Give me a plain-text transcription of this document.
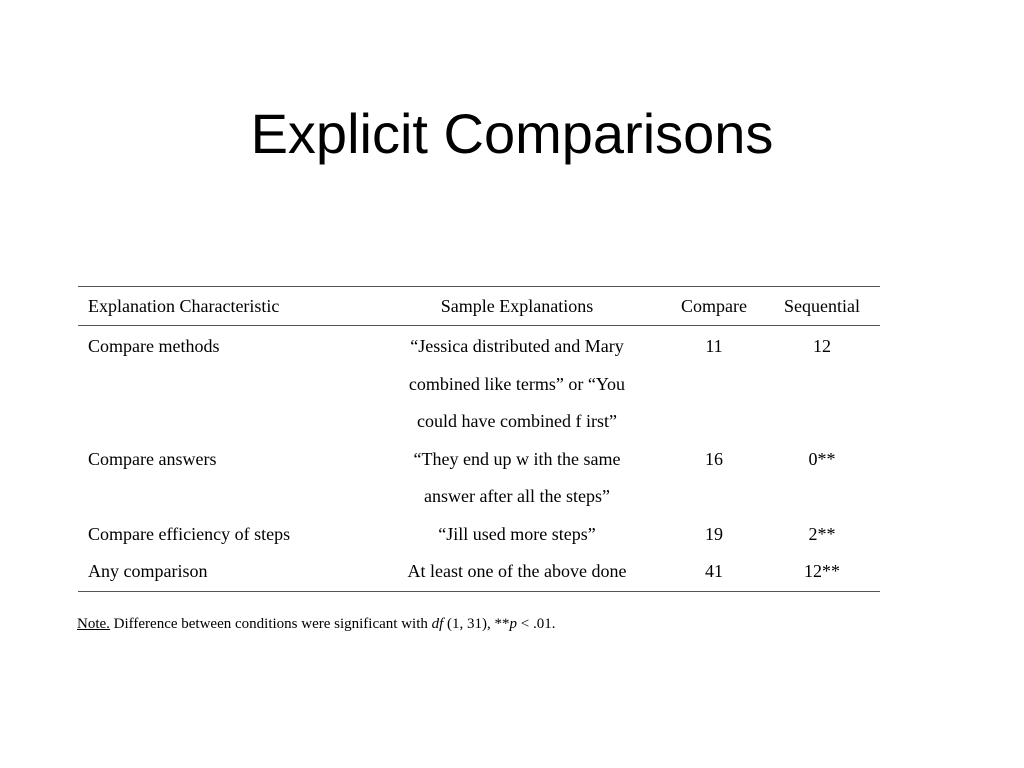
Explicit Comparisons
Explanation Characteristic	Sample Explanations	Compare	Sequential
Compare methods	“Jessica distributed and Mary
combined like terms” or “You
could have combined f irst”	11	12
Compare answers	“They end up w ith the same
answer after all the steps”	16	0**
Compare efficiency of steps	“Jill used more steps”	19	2**
Any comparison	At least one of the above done	41	12**
Note. Difference between conditions were significant with df (1, 31), **p < .01.
